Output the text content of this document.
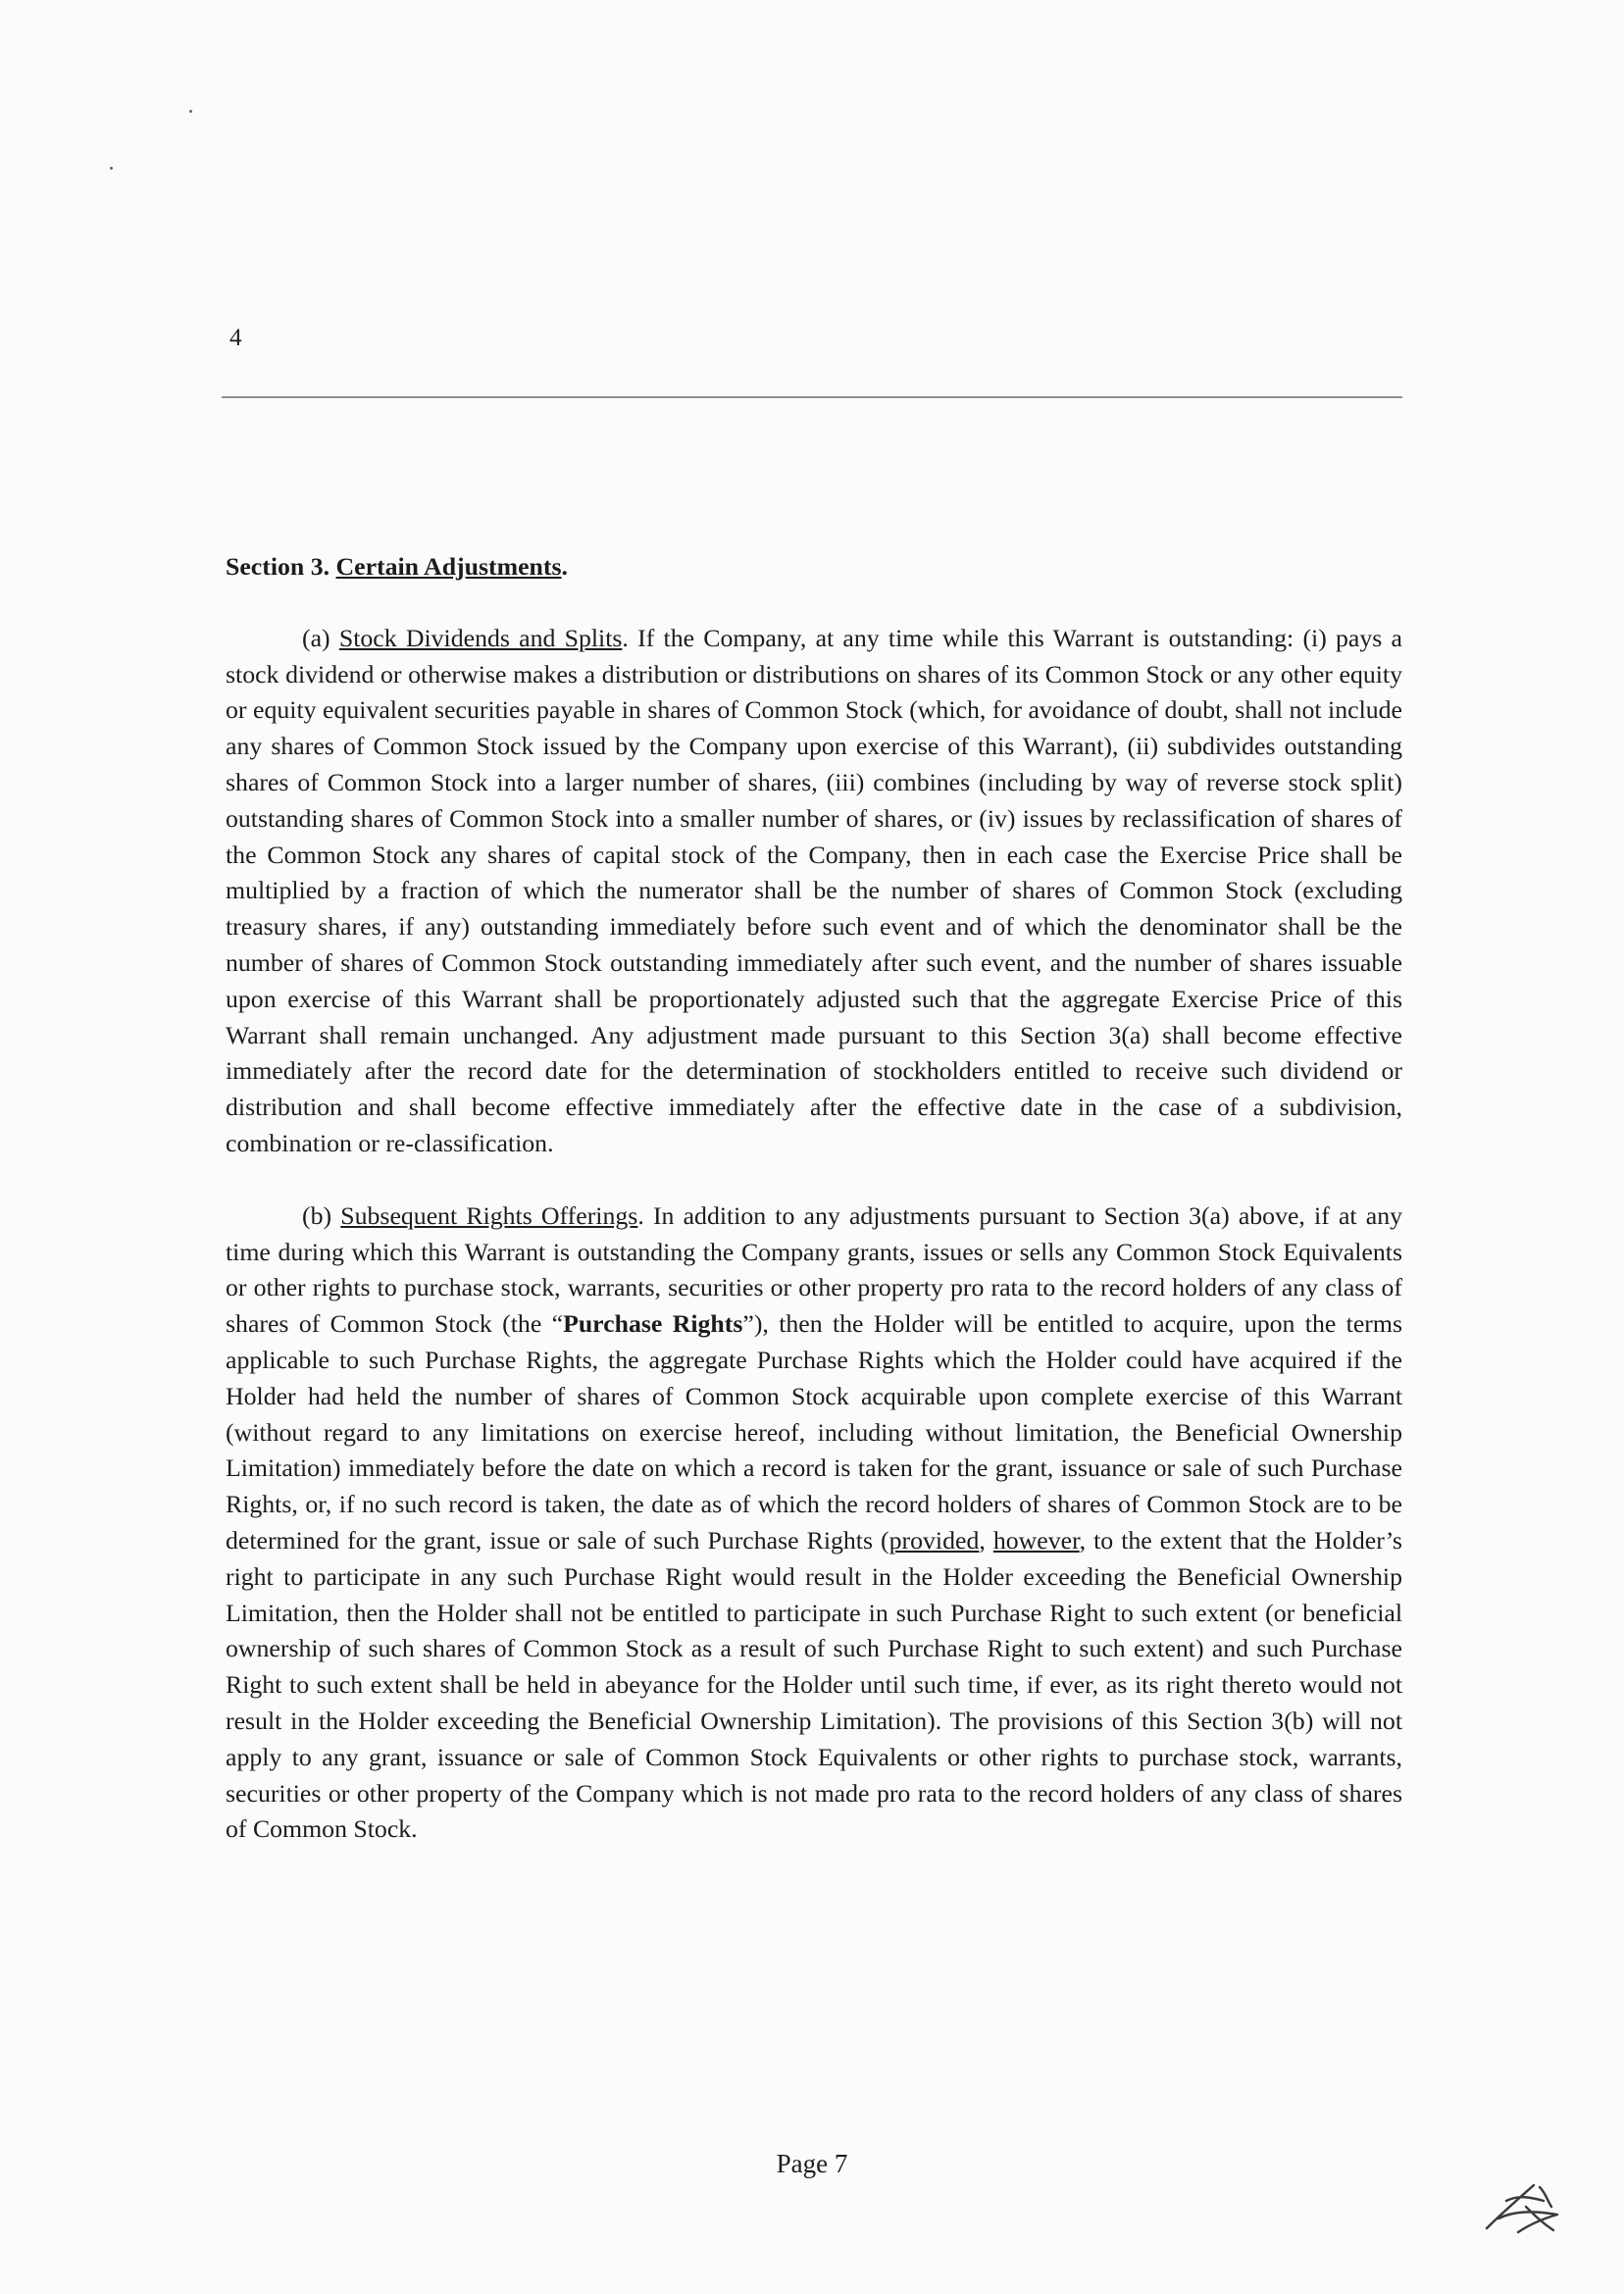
4
Section 3. Certain Adjustments.

(a) Stock Dividends and Splits. If the Company, at any time while this Warrant is outstanding: (i) pays a stock dividend or otherwise makes a distribution or distributions on shares of its Common Stock or any other equity or equity equivalent securities payable in shares of Common Stock (which, for avoidance of doubt, shall not include any shares of Common Stock issued by the Company upon exercise of this Warrant), (ii) subdivides outstanding shares of Common Stock into a larger number of shares, (iii) combines (including by way of reverse stock split) outstanding shares of Common Stock into a smaller number of shares, or (iv) issues by reclassification of shares of the Common Stock any shares of capital stock of the Company, then in each case the Exercise Price shall be multiplied by a fraction of which the numerator shall be the number of shares of Common Stock (excluding treasury shares, if any) outstanding immediately before such event and of which the denominator shall be the number of shares of Common Stock outstanding immediately after such event, and the number of shares issuable upon exercise of this Warrant shall be proportionately adjusted such that the aggregate Exercise Price of this Warrant shall remain unchanged. Any adjustment made pursuant to this Section 3(a) shall become effective immediately after the record date for the determination of stockholders entitled to receive such dividend or distribution and shall become effective immediately after the effective date in the case of a subdivision, combination or re-classification.

(b) Subsequent Rights Offerings. In addition to any adjustments pursuant to Section 3(a) above, if at any time during which this Warrant is outstanding the Company grants, issues or sells any Common Stock Equivalents or other rights to purchase stock, warrants, securities or other property pro rata to the record holders of any class of shares of Common Stock (the “Purchase Rights”), then the Holder will be entitled to acquire, upon the terms applicable to such Purchase Rights, the aggregate Purchase Rights which the Holder could have acquired if the Holder had held the number of shares of Common Stock acquirable upon complete exercise of this Warrant (without regard to any limitations on exercise hereof, including without limitation, the Beneficial Ownership Limitation) immediately before the date on which a record is taken for the grant, issuance or sale of such Purchase Rights, or, if no such record is taken, the date as of which the record holders of shares of Common Stock are to be determined for the grant, issue or sale of such Purchase Rights (provided, however, to the extent that the Holder’s right to participate in any such Purchase Right would result in the Holder exceeding the Beneficial Ownership Limitation, then the Holder shall not be entitled to participate in such Purchase Right to such extent (or beneficial ownership of such shares of Common Stock as a result of such Purchase Right to such extent) and such Purchase Right to such extent shall be held in abeyance for the Holder until such time, if ever, as its right thereto would not result in the Holder exceeding the Beneficial Ownership Limitation). The provisions of this Section 3(b) will not apply to any grant, issuance or sale of Common Stock Equivalents or other rights to purchase stock, warrants, securities or other property of the Company which is not made pro rata to the record holders of any class of shares of Common Stock.

Page 7
